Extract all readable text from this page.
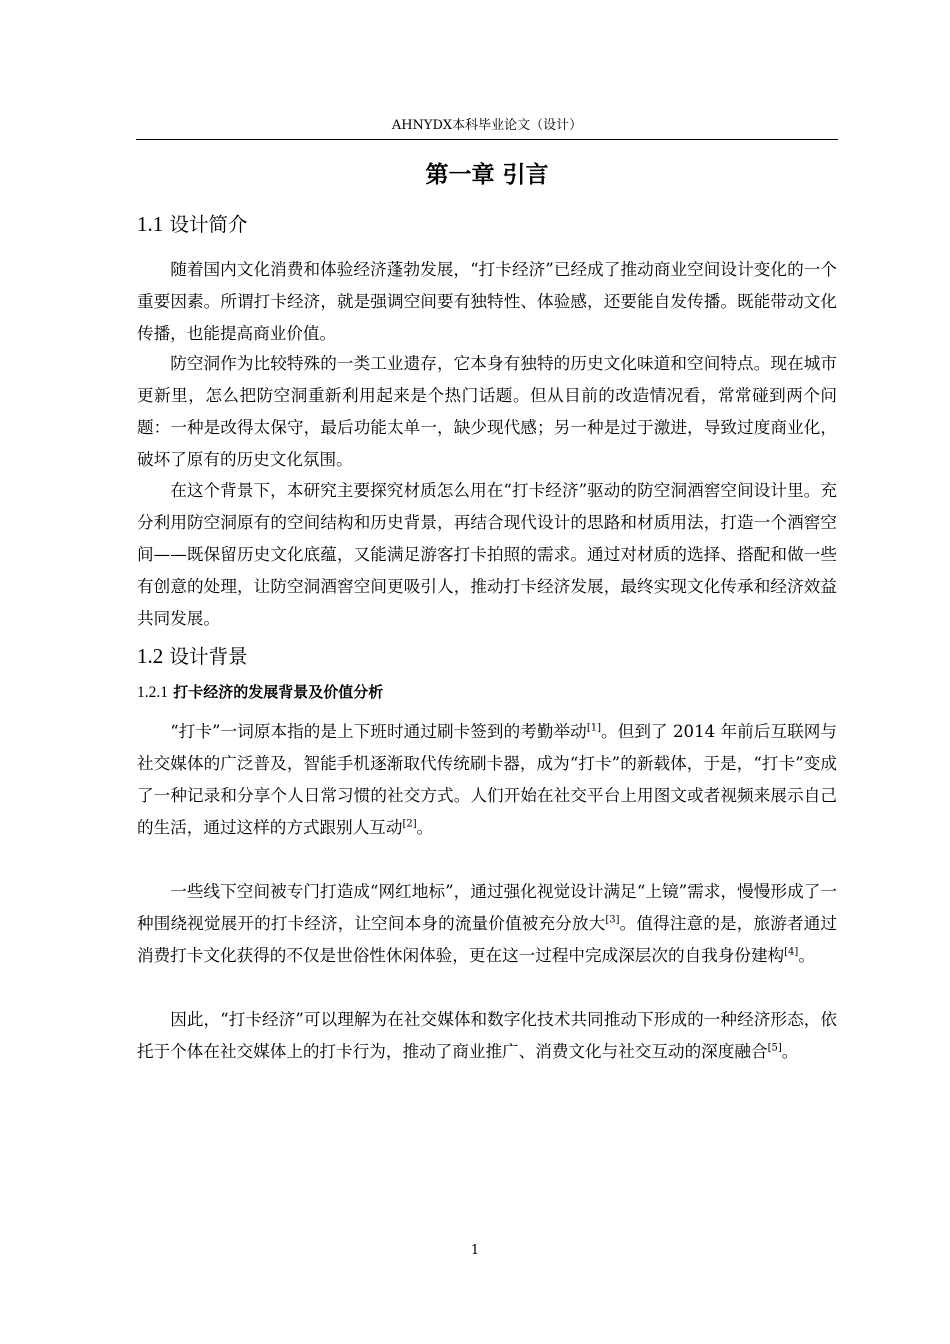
AHNYDX本科毕业论文（设计）
第一章 引言
1.1 设计简介

随着国内文化消费和体验经济蓬勃发展，“打卡经济”已经成了推动商业空间设计变化的一个重要因素。所谓打卡经济，就是强调空间要有独特性、体验感，还要能自发传播。既能带动文化传播，也能提高商业价值。

防空洞作为比较特殊的一类工业遗存，它本身有独特的历史文化味道和空间特点。现在城市更新里，怎么把防空洞重新利用起来是个热门话题。但从目前的改造情况看，常常碰到两个问题：一种是改得太保守，最后功能太单一，缺少现代感；另一种是过于激进，导致过度商业化，破坏了原有的历史文化氛围。

在这个背景下，本研究主要探究材质怎么用在“打卡经济”驱动的防空洞酒窖空间设计里。充分利用防空洞原有的空间结构和历史背景，再结合现代设计的思路和材质用法，打造一个酒窖空间——既保留历史文化底蕴，又能满足游客打卡拍照的需求。通过对材质的选择、搭配和做一些有创意的处理，让防空洞酒窖空间更吸引人，推动打卡经济发展，最终实现文化传承和经济效益共同发展。

1.2 设计背景
1.2.1 打卡经济的发展背景及价值分析

“打卡”一词原本指的是上下班时通过刷卡签到的考勤举动[1]。但到了 2014 年前后互联网与社交媒体的广泛普及，智能手机逐渐取代传统刷卡器，成为“打卡”的新载体，于是，“打卡”变成了一种记录和分享个人日常习惯的社交方式。人们开始在社交平台上用图文或者视频来展示自己的生活，通过这样的方式跟别人互动[2]。

一些线下空间被专门打造成“网红地标”，通过强化视觉设计满足“上镜”需求，慢慢形成了一种围绕视觉展开的打卡经济，让空间本身的流量价值被充分放大[3]。值得注意的是，旅游者通过消费打卡文化获得的不仅是世俗性休闲体验，更在这一过程中完成深层次的自我身份建构[4]。

因此，“打卡经济”可以理解为在社交媒体和数字化技术共同推动下形成的一种经济形态，依托于个体在社交媒体上的打卡行为，推动了商业推广、消费文化与社交互动的深度融合[5]。

1
